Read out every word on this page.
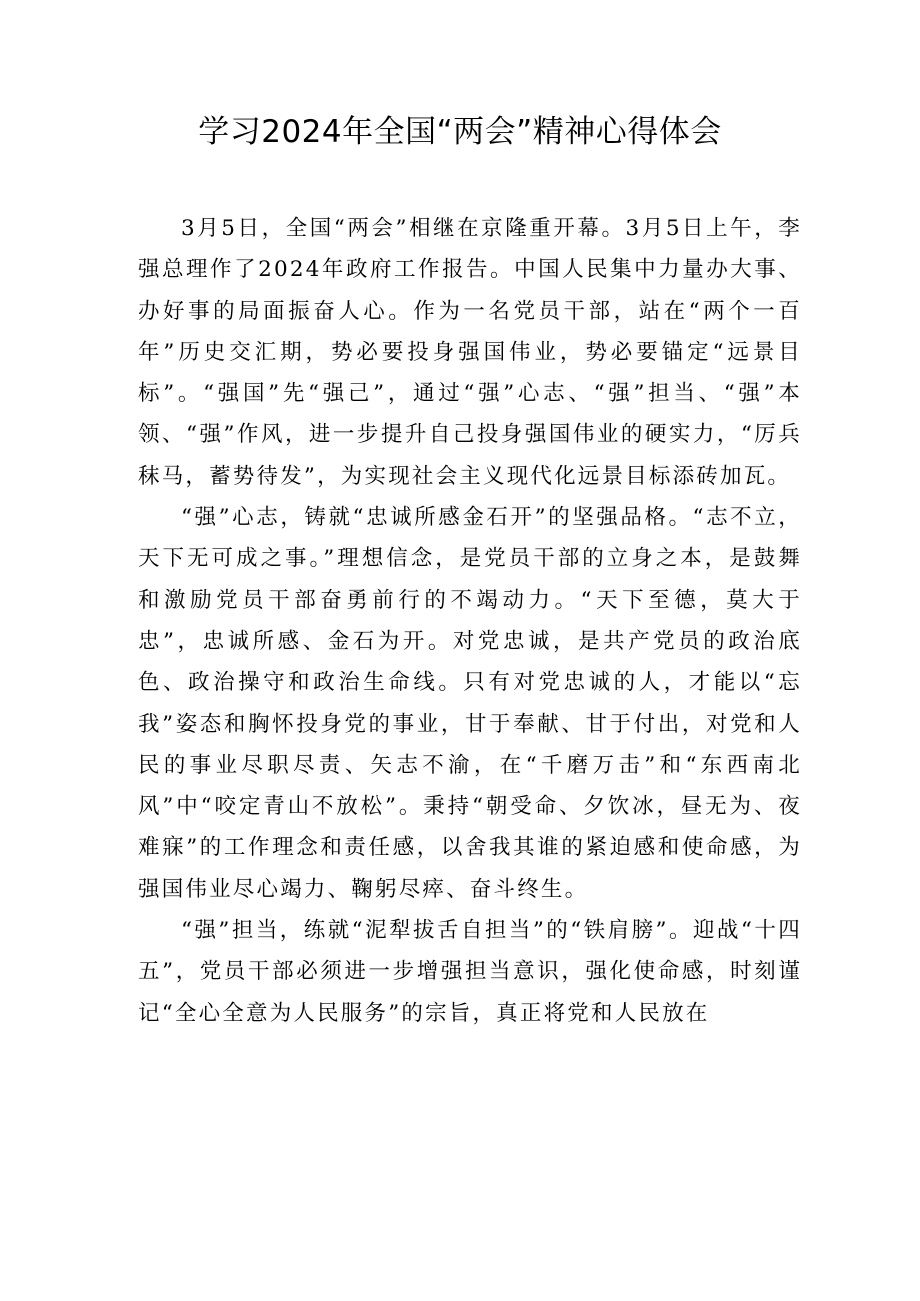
学习2024年全国“两会”精神心得体会

3月5日，全国“两会”相继在京隆重开幕。3月5日上午，李强总理作了2024年政府工作报告。中国人民集中力量办大事、办好事的局面振奋人心。作为一名党员干部，站在“两个一百年”历史交汇期，势必要投身强国伟业，势必要锚定“远景目标”。“强国”先“强己”，通过“强”心志、“强”担当、“强”本领、“强”作风，进一步提升自己投身强国伟业的硬实力，“厉兵秣马，蓄势待发”，为实现社会主义现代化远景目标添砖加瓦。

“强”心志，铸就“忠诚所感金石开”的坚强品格。“志不立，天下无可成之事。”理想信念，是党员干部的立身之本，是鼓舞和激励党员干部奋勇前行的不竭动力。“天下至德，莫大于忠”，忠诚所感、金石为开。对党忠诚，是共产党员的政治底色、政治操守和政治生命线。只有对党忠诚的人，才能以“忘我”姿态和胸怀投身党的事业，甘于奉献、甘于付出，对党和人民的事业尽职尽责、矢志不渝，在“千磨万击”和“东西南北风”中“咬定青山不放松”。秉持“朝受命、夕饮冰，昼无为、夜难寐”的工作理念和责任感，以舍我其谁的紧迫感和使命感，为强国伟业尽心竭力、鞠躬尽瘁、奋斗终生。

“强”担当，练就“泥犁拔舌自担当”的“铁肩膀”。迎战“十四五”，党员干部必须进一步增强担当意识，强化使命感，时刻谨记“全心全意为人民服务”的宗旨，真正将党和人民放在
